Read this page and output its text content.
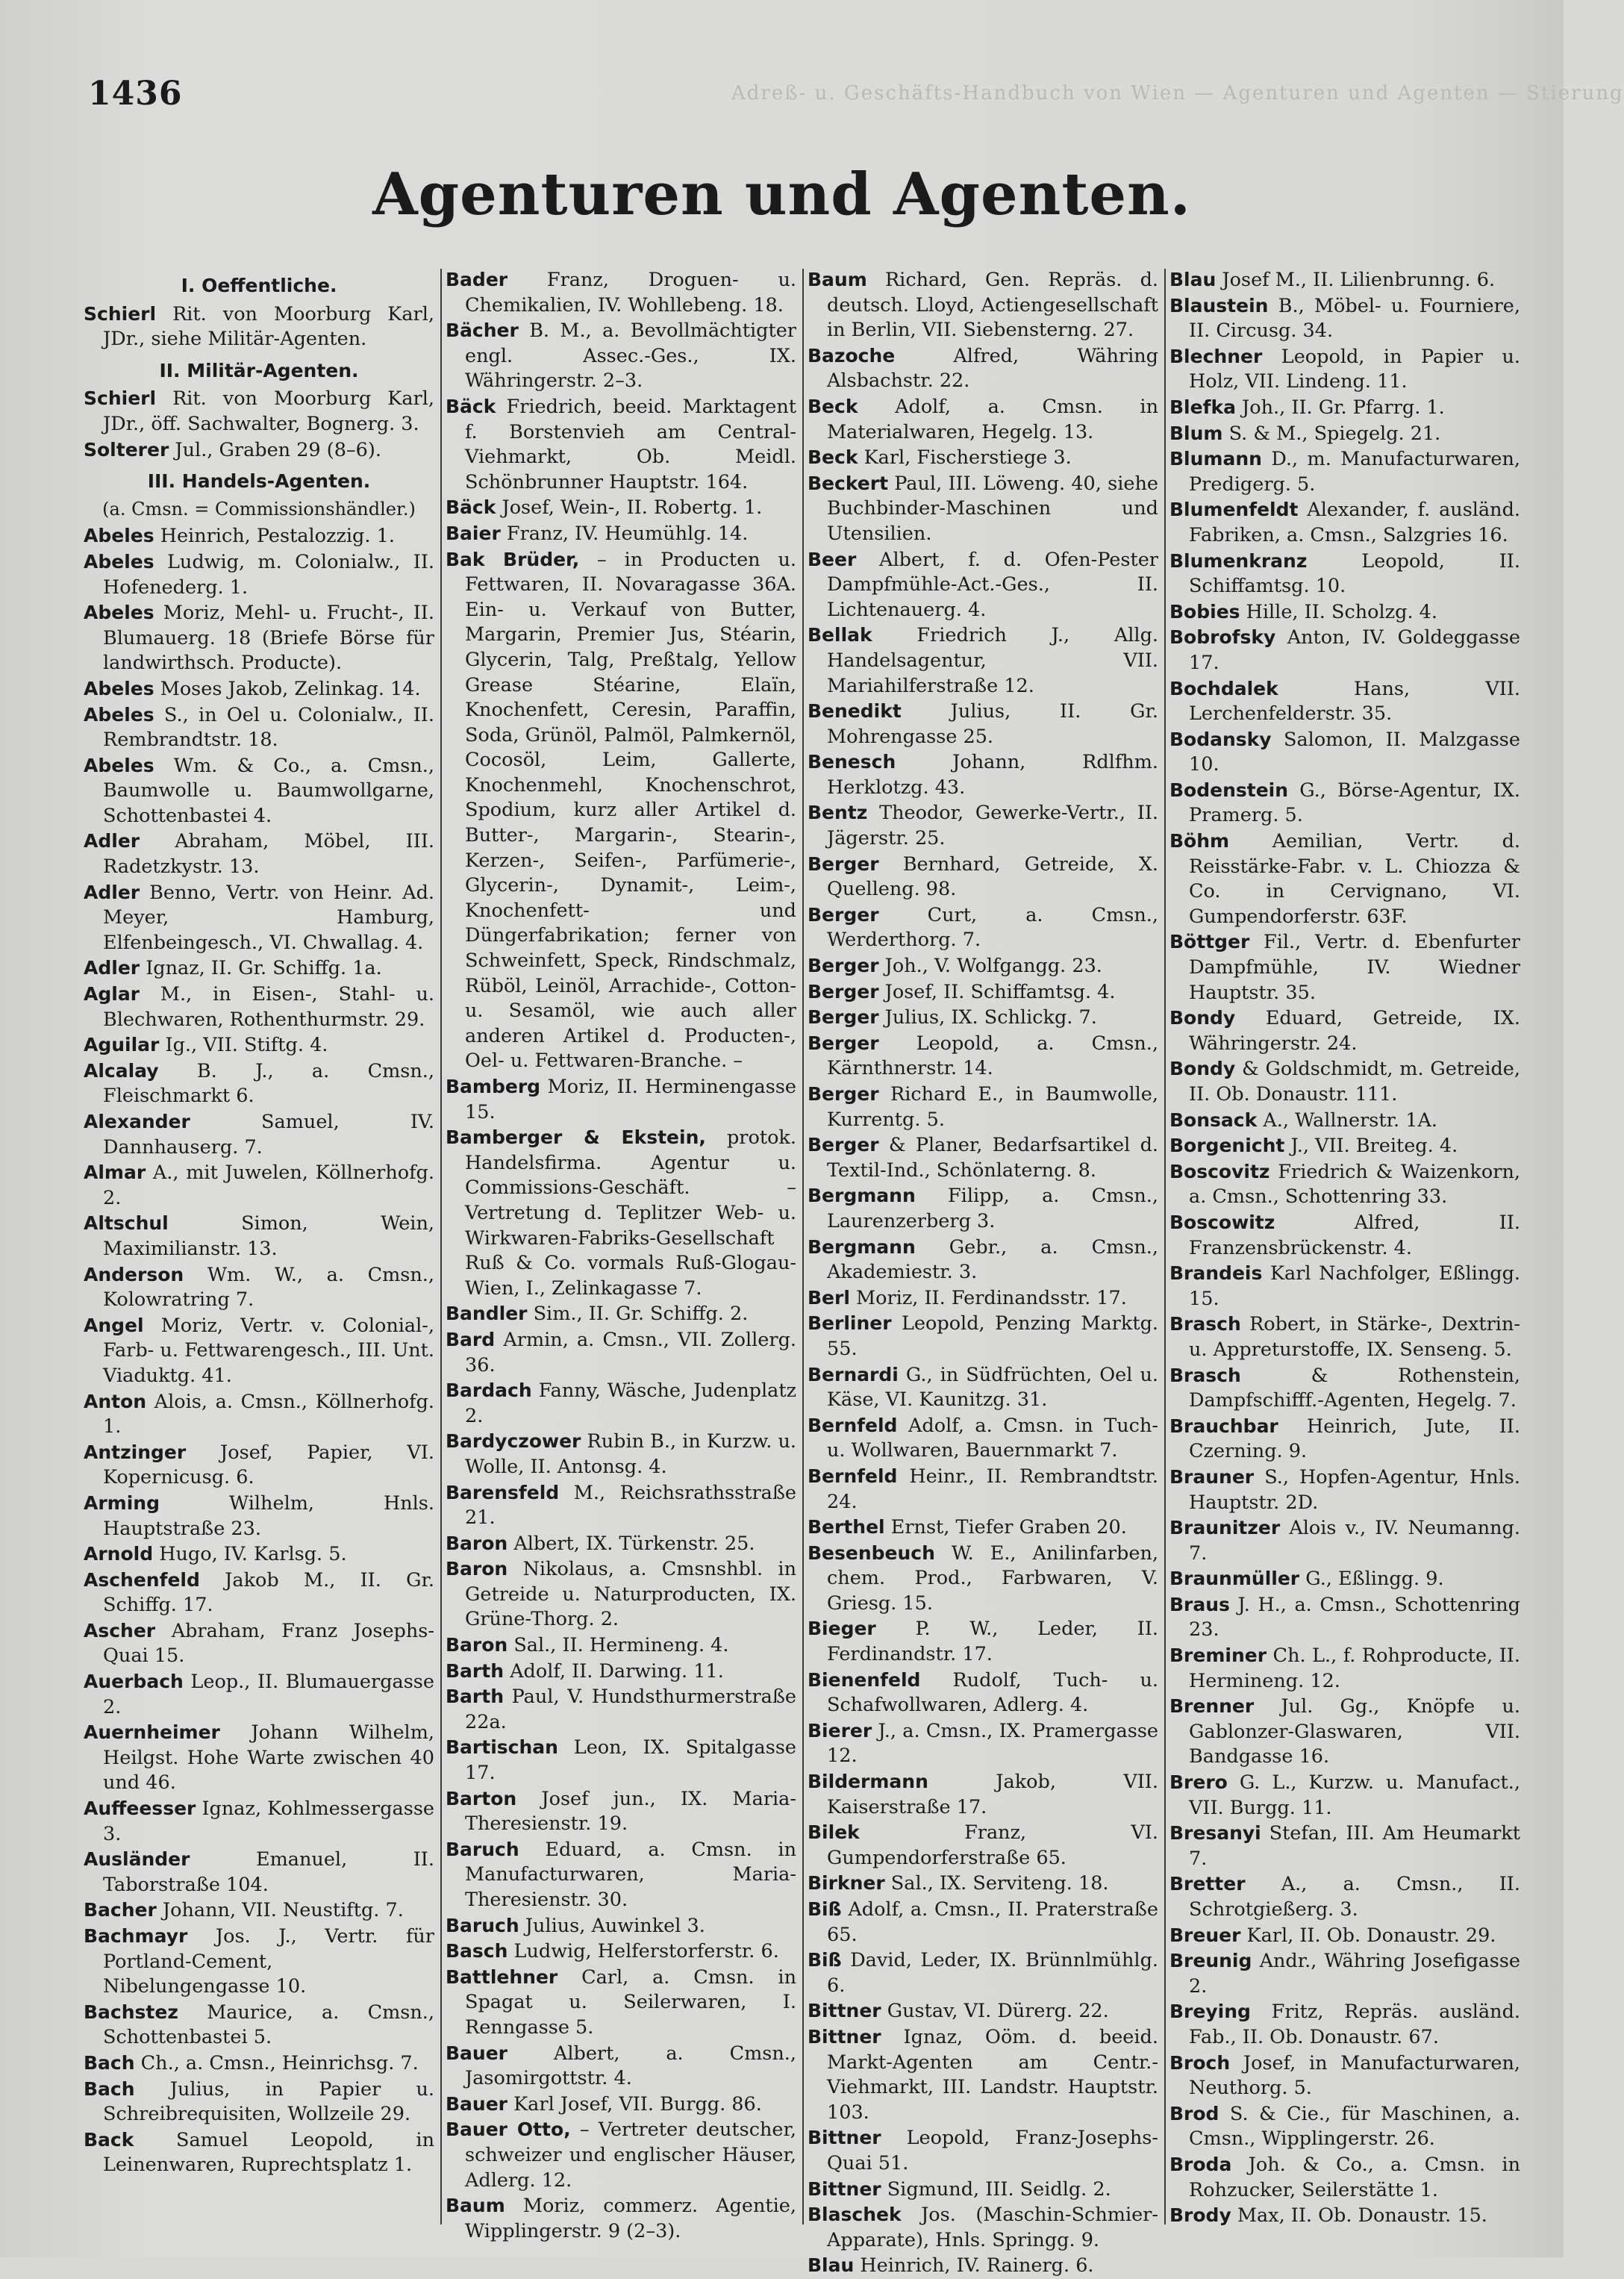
Adreß- u. Geschäfts-Handbuch von Wien — Agenturen und Agenten — Stierung
1436
Agenturen und Agenten.

I. Oeffentliche.

Schierl Rit. von Moorburg Karl, JDr., siehe Militär-Agenten.

II. Militär-Agenten.

Schierl Rit. von Moorburg Karl, JDr., öff. Sachwalter, Bognerg. 3.

Solterer Jul., Graben 29 (8–6).

III. Handels-Agenten.

(a. Cmsn. = Commissionshändler.)

Abeles Heinrich, Pestalozzig. 1.

Abeles Ludwig, m. Colonialw., II. Hofenederg. 1.

Abeles Moriz, Mehl- u. Frucht-, II. Blumauerg. 18 (Briefe Börse für landwirthsch. Producte).

Abeles Moses Jakob, Zelinkag. 14.

Abeles S., in Oel u. Colonialw., II. Rembrandtstr. 18.

Abeles Wm. & Co., a. Cmsn., Baumwolle u. Baumwollgarne, Schottenbastei 4.

Adler Abraham, Möbel, III. Radetzkystr. 13.

Adler Benno, Vertr. von Heinr. Ad. Meyer, Hamburg, Elfenbeingesch., VI. Chwallag. 4.

Adler Ignaz, II. Gr. Schiffg. 1a.

Aglar M., in Eisen-, Stahl- u. Blechwaren, Rothenthurmstr. 29.

Aguilar Ig., VII. Stiftg. 4.

Alcalay B. J., a. Cmsn., Fleischmarkt 6.

Alexander Samuel, IV. Dannhauserg. 7.

Almar A., mit Juwelen, Köllnerhofg. 2.

Altschul Simon, Wein, Maximilianstr. 13.

Anderson Wm. W., a. Cmsn., Kolowratring 7.

Angel Moriz, Vertr. v. Colonial-, Farb- u. Fettwarengesch., III. Unt. Viaduktg. 41.

Anton Alois, a. Cmsn., Köllnerhofg. 1.

Antzinger Josef, Papier, VI. Kopernicusg. 6.

Arming Wilhelm, Hnls. Hauptstraße 23.

Arnold Hugo, IV. Karlsg. 5.

Aschenfeld Jakob M., II. Gr. Schiffg. 17.

Ascher Abraham, Franz Josephs-Quai 15.

Auerbach Leop., II. Blumauergasse 2.

Auernheimer Johann Wilhelm, Heilgst. Hohe Warte zwischen 40 und 46.

Auffeesser Ignaz, Kohlmessergasse 3.

Ausländer Emanuel, II. Taborstraße 104.

Bacher Johann, VII. Neustiftg. 7.

Bachmayr Jos. J., Vertr. für Portland-Cement, Nibelungengasse 10.

Bachstez Maurice, a. Cmsn., Schottenbastei 5.

Bach Ch., a. Cmsn., Heinrichsg. 7.

Bach Julius, in Papier u. Schreibrequisiten, Wollzeile 29.

Back Samuel Leopold, in Leinenwaren, Ruprechtsplatz 1.

Bader Franz, Droguen- u. Chemikalien, IV. Wohllebeng. 18.

Bächer B. M., a. Bevollmächtigter engl. Assec.-Ges., IX. Währingerstr. 2–3.

Bäck Friedrich, beeid. Marktagent f. Borstenvieh am Central-Viehmarkt, Ob. Meidl. Schönbrunner Hauptstr. 164.

Bäck Josef, Wein-, II. Robertg. 1.

Baier Franz, IV. Heumühlg. 14.

Bak Brüder, – in Producten u. Fettwaren, II. Novaragasse 36A. Ein- u. Verkauf von Butter, Margarin, Premier Jus, Stéarin, Glycerin, Talg, Preßtalg, Yellow Grease Stéarine, Elaïn, Knochenfett, Ceresin, Paraffin, Soda, Grünöl, Palmöl, Palmkernöl, Cocosöl, Leim, Gallerte, Knochenmehl, Knochenschrot, Spodium, kurz aller Artikel d. Butter-, Margarin-, Stearin-, Kerzen-, Seifen-, Parfümerie-, Glycerin-, Dynamit-, Leim-, Knochenfett- und Düngerfabrikation; ferner von Schweinfett, Speck, Rindschmalz, Rüböl, Leinöl, Arrachide-, Cotton- u. Sesamöl, wie auch aller anderen Artikel d. Producten-, Oel- u. Fettwaren-Branche. –

Bamberg Moriz, II. Herminengasse 15.

Bamberger & Ekstein, protok. Handelsfirma. Agentur u. Commissions-Geschäft. – Vertretung d. Teplitzer Web- u. Wirkwaren-Fabriks-Gesellschaft Ruß & Co. vormals Ruß-Glogau-Wien, I., Zelinkagasse 7.

Bandler Sim., II. Gr. Schiffg. 2.

Bard Armin, a. Cmsn., VII. Zollerg. 36.

Bardach Fanny, Wäsche, Judenplatz 2.

Bardyczower Rubin B., in Kurzw. u. Wolle, II. Antonsg. 4.

Barensfeld M., Reichsrathsstraße 21.

Baron Albert, IX. Türkenstr. 25.

Baron Nikolaus, a. Cmsnshbl. in Getreide u. Naturproducten, IX. Grüne-Thorg. 2.

Baron Sal., II. Hermineng. 4.

Barth Adolf, II. Darwing. 11.

Barth Paul, V. Hundsthurmerstraße 22a.

Bartischan Leon, IX. Spitalgasse 17.

Barton Josef jun., IX. Maria-Theresienstr. 19.

Baruch Eduard, a. Cmsn. in Manufacturwaren, Maria-Theresienstr. 30.

Baruch Julius, Auwinkel 3.

Basch Ludwig, Helferstorferstr. 6.

Battlehner Carl, a. Cmsn. in Spagat u. Seilerwaren, I. Renngasse 5.

Bauer Albert, a. Cmsn., Jasomirgottstr. 4.

Bauer Karl Josef, VII. Burgg. 86.

Bauer Otto, – Vertreter deutscher, schweizer und englischer Häuser, Adlerg. 12.

Baum Moriz, commerz. Agentie, Wipplingerstr. 9 (2–3).

Baum Richard, Gen. Repräs. d. deutsch. Lloyd, Actiengesellschaft in Berlin, VII. Siebensterng. 27.

Bazoche Alfred, Währing Alsbachstr. 22.

Beck Adolf, a. Cmsn. in Materialwaren, Hegelg. 13.

Beck Karl, Fischerstiege 3.

Beckert Paul, III. Löweng. 40, siehe Buchbinder-Maschinen und Utensilien.

Beer Albert, f. d. Ofen-Pester Dampfmühle-Act.-Ges., II. Lichtenauerg. 4.

Bellak Friedrich J., Allg. Handelsagentur, VII. Mariahilferstraße 12.

Benedikt Julius, II. Gr. Mohrengasse 25.

Benesch Johann, Rdlfhm. Herklotzg. 43.

Bentz Theodor, Gewerke-Vertr., II. Jägerstr. 25.

Berger Bernhard, Getreide, X. Quelleng. 98.

Berger Curt, a. Cmsn., Werderthorg. 7.

Berger Joh., V. Wolfgangg. 23.

Berger Josef, II. Schiffamtsg. 4.

Berger Julius, IX. Schlickg. 7.

Berger Leopold, a. Cmsn., Kärnthnerstr. 14.

Berger Richard E., in Baumwolle, Kurrentg. 5.

Berger & Planer, Bedarfsartikel d. Textil-Ind., Schönlaterng. 8.

Bergmann Filipp, a. Cmsn., Laurenzerberg 3.

Bergmann Gebr., a. Cmsn., Akademiestr. 3.

Berl Moriz, II. Ferdinandsstr. 17.

Berliner Leopold, Penzing Marktg. 55.

Bernardi G., in Südfrüchten, Oel u. Käse, VI. Kaunitzg. 31.

Bernfeld Adolf, a. Cmsn. in Tuch- u. Wollwaren, Bauernmarkt 7.

Bernfeld Heinr., II. Rembrandtstr. 24.

Berthel Ernst, Tiefer Graben 20.

Besenbeuch W. E., Anilinfarben, chem. Prod., Farbwaren, V. Griesg. 15.

Bieger P. W., Leder, II. Ferdinandstr. 17.

Bienenfeld Rudolf, Tuch- u. Schafwollwaren, Adlerg. 4.

Bierer J., a. Cmsn., IX. Pramergasse 12.

Bildermann Jakob, VII. Kaiserstraße 17.

Bilek Franz, VI. Gumpendorferstraße 65.

Birkner Sal., IX. Serviteng. 18.

Biß Adolf, a. Cmsn., II. Praterstraße 65.

Biß David, Leder, IX. Brünnlmühlg. 6.

Bittner Gustav, VI. Dürerg. 22.

Bittner Ignaz, Oöm. d. beeid. Markt-Agenten am Centr.-Viehmarkt, III. Landstr. Hauptstr. 103.

Bittner Leopold, Franz-Josephs-Quai 51.

Bittner Sigmund, III. Seidlg. 2.

Blaschek Jos. (Maschin-Schmier-Apparate), Hnls. Springg. 9.

Blau Heinrich, IV. Rainerg. 6.

Blau Josef M., II. Lilienbrunng. 6.

Blaustein B., Möbel- u. Fourniere, II. Circusg. 34.

Blechner Leopold, in Papier u. Holz, VII. Lindeng. 11.

Blefka Joh., II. Gr. Pfarrg. 1.

Blum S. & M., Spiegelg. 21.

Blumann D., m. Manufacturwaren, Predigerg. 5.

Blumenfeldt Alexander, f. ausländ. Fabriken, a. Cmsn., Salzgries 16.

Blumenkranz Leopold, II. Schiffamtsg. 10.

Bobies Hille, II. Scholzg. 4.

Bobrofsky Anton, IV. Goldeggasse 17.

Bochdalek Hans, VII. Lerchenfelderstr. 35.

Bodansky Salomon, II. Malzgasse 10.

Bodenstein G., Börse-Agentur, IX. Pramerg. 5.

Böhm Aemilian, Vertr. d. Reisstärke-Fabr. v. L. Chiozza & Co. in Cervignano, VI. Gumpendorferstr. 63F.

Böttger Fil., Vertr. d. Ebenfurter Dampfmühle, IV. Wiedner Hauptstr. 35.

Bondy Eduard, Getreide, IX. Währingerstr. 24.

Bondy & Goldschmidt, m. Getreide, II. Ob. Donaustr. 111.

Bonsack A., Wallnerstr. 1A.

Borgenicht J., VII. Breiteg. 4.

Boscovitz Friedrich & Waizenkorn, a. Cmsn., Schottenring 33.

Boscowitz Alfred, II. Franzensbrückenstr. 4.

Brandeis Karl Nachfolger, Eßlingg. 15.

Brasch Robert, in Stärke-, Dextrin- u. Appreturstoffe, IX. Senseng. 5.

Brasch & Rothenstein, Dampfschifff.-Agenten, Hegelg. 7.

Brauchbar Heinrich, Jute, II. Czerning. 9.

Brauner S., Hopfen-Agentur, Hnls. Hauptstr. 2D.

Braunitzer Alois v., IV. Neumanng. 7.

Braunmüller G., Eßlingg. 9.

Braus J. H., a. Cmsn., Schottenring 23.

Breminer Ch. L., f. Rohproducte, II. Hermineng. 12.

Brenner Jul. Gg., Knöpfe u. Gablonzer-Glaswaren, VII. Bandgasse 16.

Brero G. L., Kurzw. u. Manufact., VII. Burgg. 11.

Bresanyi Stefan, III. Am Heumarkt 7.

Bretter A., a. Cmsn., II. Schrotgießerg. 3.

Breuer Karl, II. Ob. Donaustr. 29.

Breunig Andr., Währing Josefigasse 2.

Breying Fritz, Repräs. ausländ. Fab., II. Ob. Donaustr. 67.

Broch Josef, in Manufacturwaren, Neuthorg. 5.

Brod S. & Cie., für Maschinen, a. Cmsn., Wipplingerstr. 26.

Broda Joh. & Co., a. Cmsn. in Rohzucker, Seilerstätte 1.

Brody Max, II. Ob. Donaustr. 15.
